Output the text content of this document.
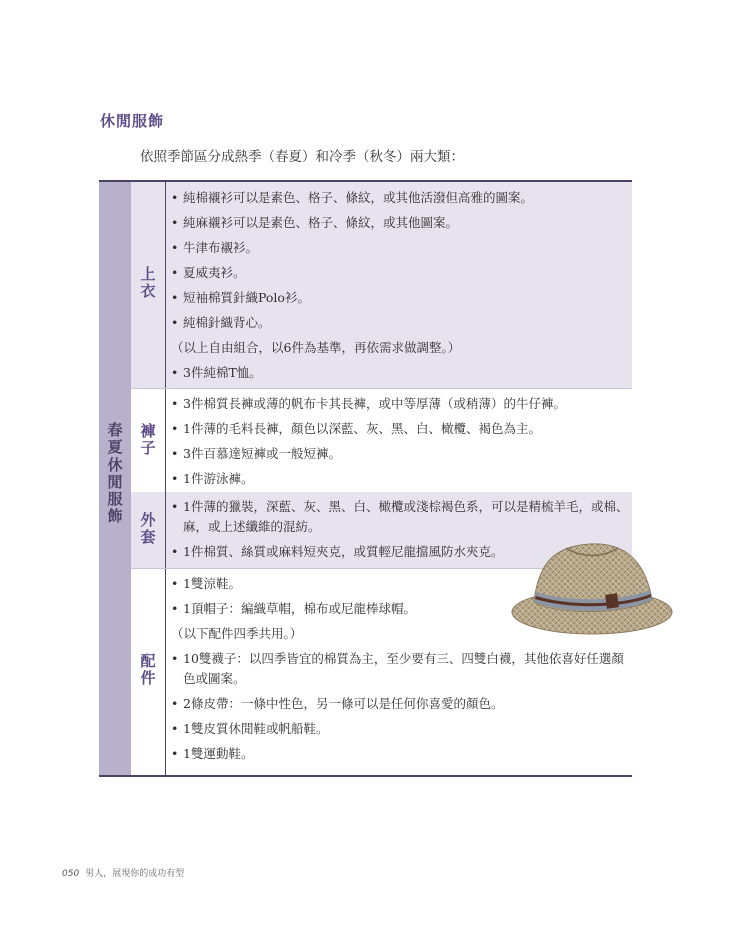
休閒服飾
依照季節區分成熱季（春夏）和冷季（秋冬）兩大類：
春
夏
休
閒
服
飾
上
衣
• 純棉襯衫可以是素色、格子、條紋，或其他活潑但高雅的圖案。
• 純麻襯衫可以是素色、格子、條紋，或其他圖案。
• 牛津布襯衫。
• 夏威夷衫。
• 短袖棉質針織Polo衫。
• 純棉針織背心。
（以上自由組合，以6件為基準，再依需求做調整。）
• 3件純棉T恤。
褲
子
• 3件棉質長褲或薄的帆布卡其長褲，或中等厚薄（或稍薄）的牛仔褲。
• 1件薄的毛料長褲，顏色以深藍、灰、黑、白、橄欖、褐色為主。
• 3件百慕達短褲或一般短褲。
• 1件游泳褲。
外
套
• 1件薄的獵裝，深藍、灰、黑、白、橄欖或淺棕褐色系，可以是精梳羊毛，或棉、麻，或上述纖維的混紡。
• 1件棉質、絲質或麻料短夾克，或質輕尼龍擋風防水夾克。
配
件
• 1雙涼鞋。
• 1頂帽子：編織草帽，棉布或尼龍棒球帽。
（以下配件四季共用。）
• 10雙襪子：以四季皆宜的棉質為主，至少要有三、四雙白襪，其他依喜好任選顏色或圖案。
• 2條皮帶：一條中性色，另一條可以是任何你喜愛的顏色。
• 1雙皮質休閒鞋或帆船鞋。
• 1雙運動鞋。
050 男人，展現你的成功有型
